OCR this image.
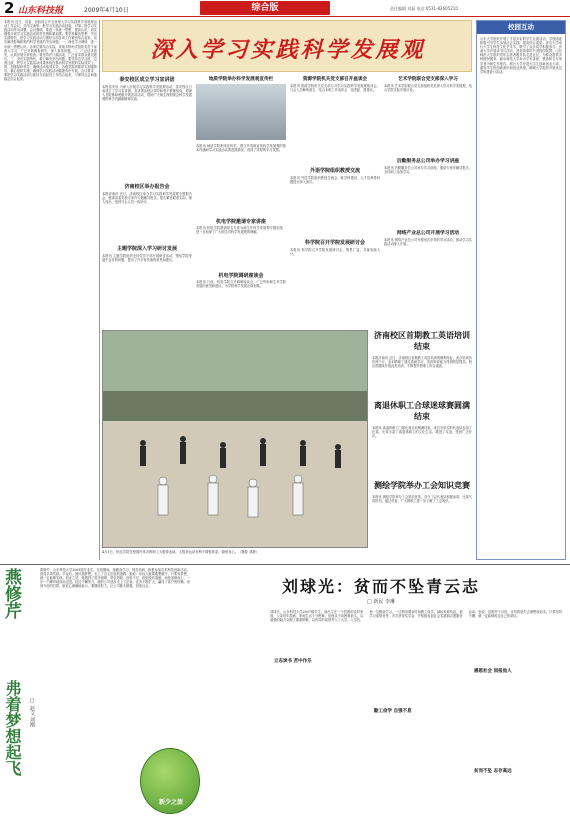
2 山东科技报	2009年4月10日	综合版	责任编辑 刘磊 电话:0531-82605210
本报讯 近日，省委、省政府召开全省深入学习实践科学发展观活动工作会议，总结交流第一批学习实践活动经验，对第二批学习实践活动作出部署。会议强调，要进一步统一思想、提高认识，切实增强开展学习实践活动的责任感和紧迫感。要坚持解放思想、突出实践特色，把学习实践活动与做好当前各项工作紧密结合起来，切实解决影响和制约科学发展的突出问题。一、深化学习调研，进一步统一思想认识。各单位要结合实际，采取多种形式组织党员干部深入学习，广泛开展调查研究，深入查找问题。二、广泛征求意见，认真开展分析检查。要坚持开门搞活动，广泛征求群众意见建议。三、突出实践特色，着力解决突出问题。要坚持边学边改、边查边改，把学习实践活动成果体现在推动科学发展的实际成效上。四、加强组织领导，确保活动取得实效。各级党组织要切实加强领导，精心组织实施，确保学习实践活动健康有序开展。会议要求，要把学习实践活动与抓好当前经济工作结合起来，与保持社会和谐稳定结合起来。
深入学习实践科学发展观
泰安校区成立学习宣讲团
本报泰安讯 为深入开展学习实践科学发展观活动，泰安校区日前成立了学习宣讲团，宣讲团由校区领导和骨干教师组成，将深入各院系和班级开展宣讲活动，帮助广大师生深刻领会科学发展观的科学内涵和精神实质。
济南校区举办报告会
本报济南讯 近日，济南校区举办学习实践科学发展观专题报告会，邀请省委党校专家作专题辅导报告。报告紧密联系实际，深入浅出，受到与会人员一致好评。
主题学院深入学习研讨发展
本报讯 主题学院组织全体党员干部开展研讨活动，围绕学院发展中存在的问题，提出了许多有价值的意见和建议。
地质学院举办科学发展观宣传栏
本报讯 地质学院利用宣传栏，图文并茂地宣传科学发展观的基本内涵和学习实践活动的进展情况，营造了浓厚的学习氛围。
机电学院邀请专家讲座
本报讯 机电学院邀请知名专家为师生作科学发展观专题讲座，进一步加深了广大师生对科学发展观的理解。
机电学院调研座谈会
本报讯 日前，机电学院召开调研座谈会，广泛听取师生对学院发展的意见和建议，为学院科学发展出谋划策。
资源学院机关党支部召开座谈会
本报讯 资源学院机关党支部召开学习实践科学发展观座谈会，与会人员畅所欲言，结合本职工作谈体会、找差距、提建议。
外语学院组织教授交流
本报讯 外语学院组织教授交流会，就学科建设、人才培养等问题进行深入探讨。
科学院召开学院发展研讨会
本报讯 科学院召开学院发展研讨会，集思广益，共谋发展大计。
艺术学院联合党支部深入学习
本报讯 艺术学院联合党支部组织党员深入学习科学发展观，结合学院实际开展讨论。
后勤服务总公司举办学习讲座
本报讯 后勤服务总公司举办学习讲座，邀请专家作辅导报告，全体职工参加学习。
网络产业总公司开展学习活动
本报讯 网络产业总公司开展形式多样的学习活动，推动学习实践活动深入开展。
校园互动
山东大学组织开展了丰富多彩的学生社团活动，学校团委积极引导学生参加社会实践，提高综合素质。青岛大学举行大学生科技文化艺术节，吸引了众多同学积极参与。济南大学开展读书月活动，营造浓厚的书香校园氛围。山东师范大学组织青年志愿者服务队走进社区，为群众提供多种便民服务。曲阜师范大学举办学术讲座，邀请知名专家学者为师生作报告。烟台大学开展大学生创新创业大赛，激发学生的创新意识和创业热情。聊城大学组织开展优良学风建设月活动。
济南校区首期教工英语培训结束
本报济南讯 近日，济南校区首期教工英语培训班顺利结业。此次培训历时两个月，参训教职工通过系统学习，英语听说能力得到明显提高。校区将继续开展此类培训，不断提升教职工综合素质。
离退休职工合球迷球赛圆满结束
本报讯 离退休职工门球比赛日前圆满结束，来自各单位的代表队参加了比赛。比赛丰富了离退休职工的文化生活，增进了友谊，受到广泛好评。
测绘学院举办工会知识竞赛
本报讯 测绘学院举办工会知识竞赛，各分工会代表队积极参赛，比赛气氛热烈。通过竞赛，广大教职工进一步了解了工会知识。
4月1日，机电学院在校园内举办教职工太极拳表演。太极拳运动有利于增强体质，愉悦身心。（摄影 刘静）
燕修芹
弗着梦想起飞	□ 赵文 刘刚
燕修芹，山东科技大学2008届毕业生。在校期间，她勤奋学习，刻苦钻研，积极参加各类科技创新活动，获得多项奖励。毕业后，她怀揣梦想，走上了自主创业的道路。她说：年轻人就要敢想敢干，只要有梦想，就一定能够实现。创业之初，她遇到了很多困难，资金短缺、经验不足，但她没有退缩，而是迎难而上，一步一个脚印地向前迈进。经过不懈努力，她的公司逐步走上了正轨，业务不断扩大，赢得了客户的信赖。谈到今后的打算，她信心满满地表示，要继续努力，让公司做大做强，回报社会。	刘球光：贫而不坠青云志
□ 新民 李琳
刘球光，山东科技大学2007级学生。他出生在一个贫困的农村家庭，父亲常年患病，家庭生活十分困难。但他从不向困难低头，以顽强的毅力克服了重重困难，以优异的成绩考入了大学。入学后，他一边勤奋学习，一边利用课余时间勤工俭学，减轻家庭负担。他学习成绩优秀，多次获得奖学金，并积极参加社会实践和志愿服务活动。他说：贫困并不可怕，可怕的是失去理想和追求。只要坚持不懈，就一定能够改变自己的命运。
立志读书 苦中作乐
勤工俭学 自强不息
感恩社会 回报他人
贫而不坠 志存高远
新少之旅
